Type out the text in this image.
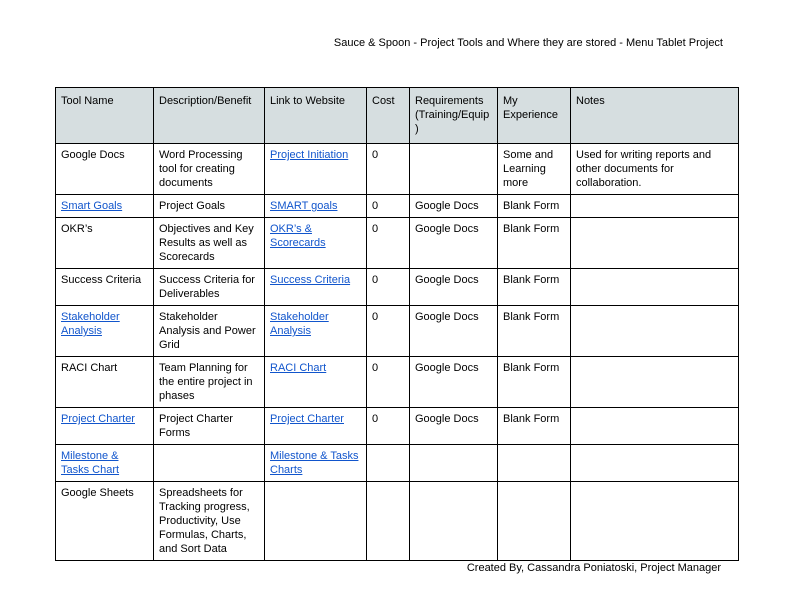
Sauce & Spoon - Project Tools and Where they are stored - Menu Tablet Project
Tool Name	Description/Benefit	Link to Website	Cost	Requirements (Training/Equip)	My Experience	Notes
Google Docs	Word Processing tool for creating documents	Project Initiation	0		Some and Learning more	Used for writing reports and other documents for collaboration.
Smart Goals	Project Goals	SMART goals	0	Google Docs	Blank Form	
OKR’s	Objectives and Key Results as well as Scorecards	OKR’s & Scorecards	0	Google Docs	Blank Form	
Success Criteria	Success Criteria for Deliverables	Success Criteria	0	Google Docs	Blank Form	
Stakeholder Analysis	Stakeholder Analysis and Power Grid	Stakeholder Analysis	0	Google Docs	Blank Form	
RACI Chart	Team Planning for the entire project in phases	RACI Chart	0	Google Docs	Blank Form	
Project Charter	Project Charter Forms	Project Charter	0	Google Docs	Blank Form	
Milestone & Tasks Chart		Milestone & Tasks Charts				
Google Sheets	Spreadsheets for Tracking progress, Productivity, Use Formulas, Charts, and Sort Data					
Created By, Cassandra Poniatoski, Project Manager
